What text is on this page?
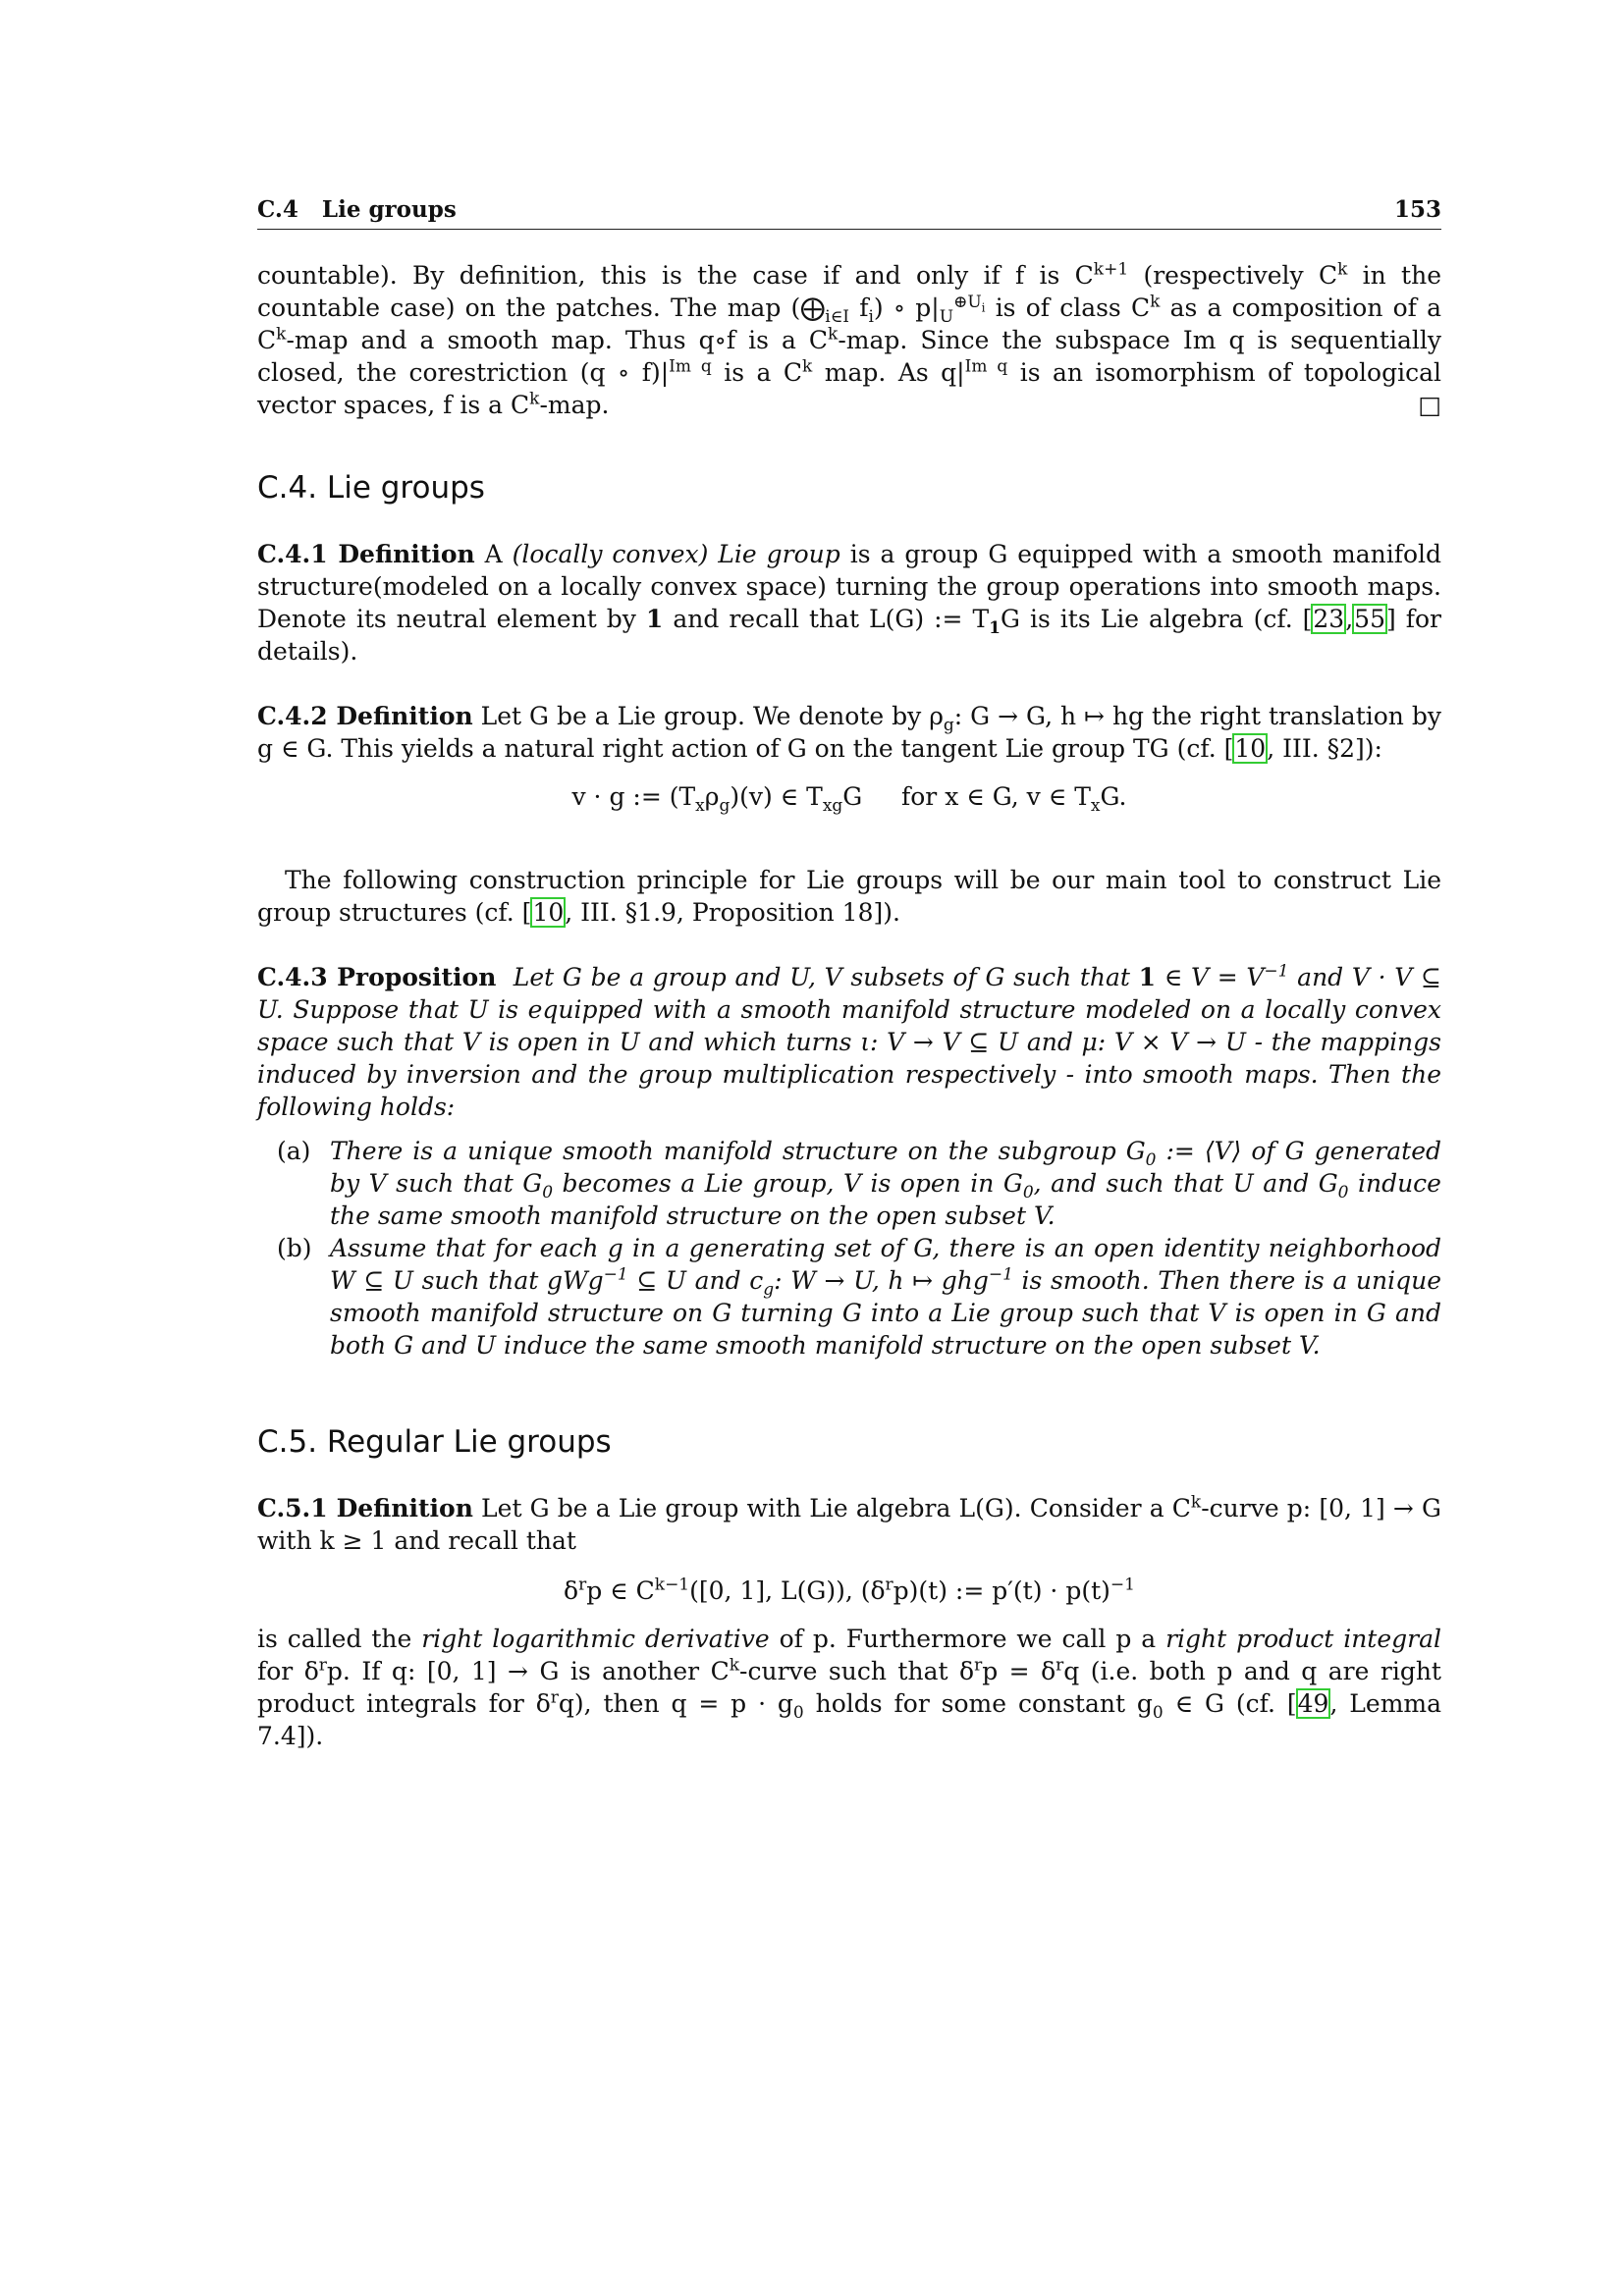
C.4 Lie groups	153

countable). By definition, this is the case if and only if f is $C^{k+1}$ (respectively $C^k$ in the countable case) on the patches. The map ($⨁_{i\in I}$ $f_i$) ∘ $p|_U^{\oplus U_i}$ is of class $C^k$ as a composition of a $C^k$-map and a smooth map. Thus q∘f is a $C^k$-map. Since the subspace Im q is sequentially closed, the corestriction (q ∘ $f)|^{Im q}$ is a $C^k$ map. As $q|^{Im q}$ is an isomorphism of topological vector spaces, f is a $C^k$-map.	□

C.4. Lie groups

C.4.1 Definition A (locally convex) Lie group is a group G equipped with a smooth manifold structure(modeled on a locally convex space) turning the group operations into smooth maps. Denote its neutral element by 1 and recall that L(G) := $T_1G$ is its Lie algebra (cf. [23,55] for details).

C.4.2 Definition Let G be a Lie group. We denote by $\rho_g$: G → G, h ↦ hg the right translation by g ∈ G. This yields a natural right action of G on the tangent Lie group TG (cf. [10, III. §2]):

v · g := $(T_x\rho_g)(v)$ ∈ $T_{xg}G$     for x ∈ G, v ∈ $T_xG$.

The following construction principle for Lie groups will be our main tool to construct Lie group structures (cf. [10, III. §1.9, Proposition 18]).

C.4.3 Proposition Let G be a group and U, V subsets of G such that 1 ∈ $V = V^{-1}$ and V · V ⊆ U. Suppose that U is equipped with a smooth manifold structure modeled on a locally convex space such that V is open in U and which turns ι: V → V ⊆ U and μ: V × V → U - the mappings induced by inversion and the group multiplication respectively - into smooth maps. Then the following holds:

(a) There is a unique smooth manifold structure on the subgroup $G_0$ := ⟨V⟩ of G generated by V such that $G_0$ becomes a Lie group, V is open in $G_0$, and such that U and $G_0$ induce the same smooth manifold structure on the open subset V.
(b) Assume that for each g in a generating set of G, there is an open identity neighborhood W ⊆ U such that gWg$^{-1}$ ⊆ U and $c_g$: W → U, h ↦ ghg$^{-1}$ is smooth. Then there is a unique smooth manifold structure on G turning G into a Lie group such that V is open in G and both G and U induce the same smooth manifold structure on the open subset V.
C.5. Regular Lie groups

C.5.1 Definition Let G be a Lie group with Lie algebra L(G). Consider a $C^k$-curve p: [0, 1] → G with k ≥ 1 and recall that

$\delta^rp$ ∈ $C^{k-1}([0$, 1], L(G)), $(\delta^rp)(t)$ := $p'(t) \cdot p(t)^{-1}$

is called the right logarithmic derivative of p. Furthermore we call p a right product integral for $\delta^rp$. If q: [0, 1] → G is another $C^k$-curve such that $\delta^rp = \delta^rq$ (i.e. both p and q are right product integrals for $\delta^rq$), then $q = p \cdot g_0$ holds for some constant $g_0$ ∈ G (cf. [49, Lemma 7.4]).
